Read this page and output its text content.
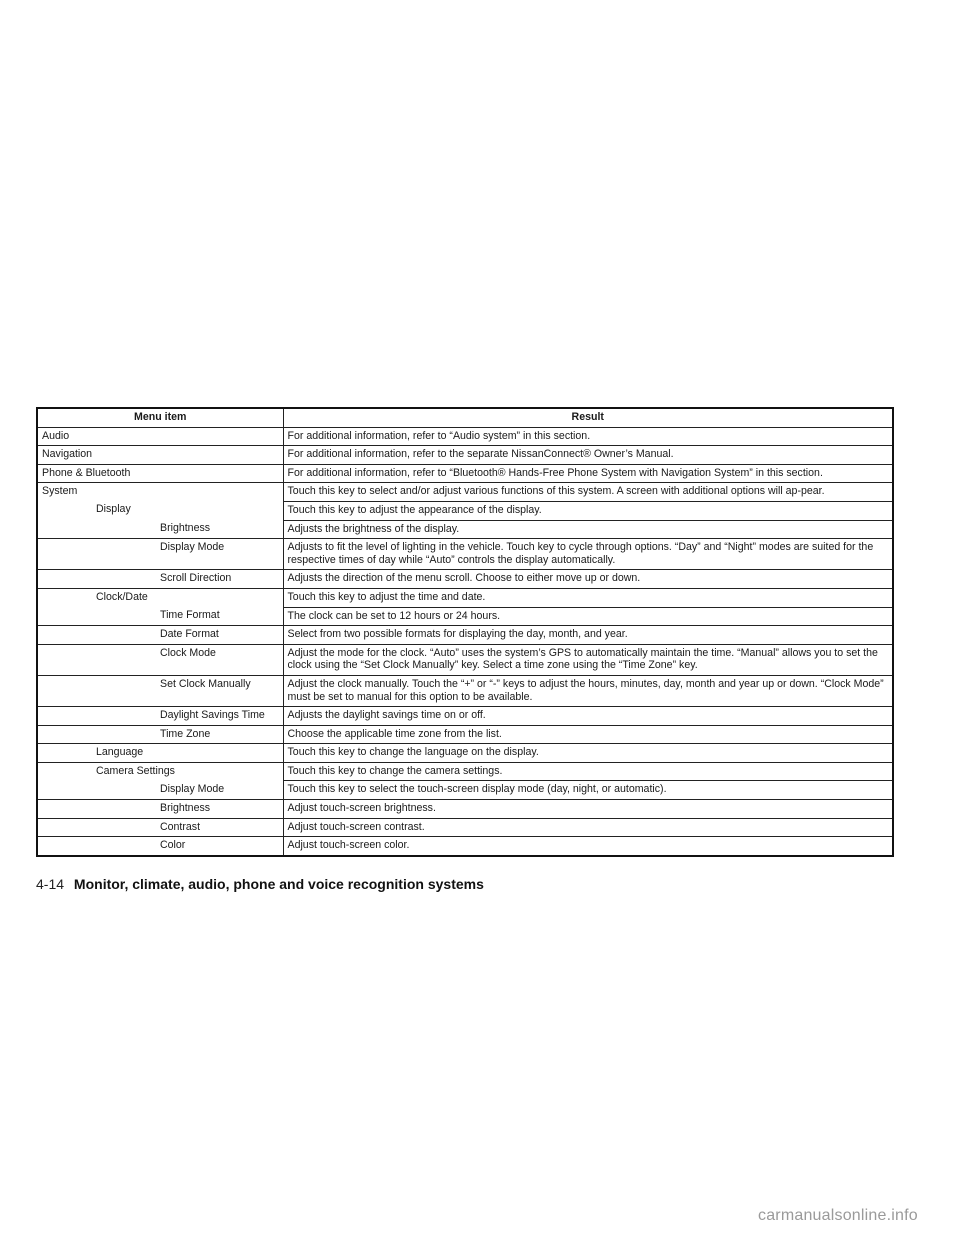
Menu item	Result

Audio	For additional information, refer to “Audio system” in this section.

Navigation	For additional information, refer to the separate NissanConnect® Owner’s Manual.

Phone & Bluetooth	For additional information, refer to “Bluetooth® Hands-Free Phone System with Navigation System” in this section.

System	Touch this key to select and/or adjust various functions of this system. A screen with additional options will ap-pear.

Display	Touch this key to adjust the appearance of the display.

Brightness	Adjusts the brightness of the display.

Display Mode	Adjusts to fit the level of lighting in the vehicle. Touch key to cycle through options. “Day” and “Night” modes are suited for the respective times of day while “Auto” controls the display automatically.

Scroll Direction	Adjusts the direction of the menu scroll. Choose to either move up or down.

Clock/Date	Touch this key to adjust the time and date.

Time Format	The clock can be set to 12 hours or 24 hours.

Date Format	Select from two possible formats for displaying the day, month, and year.

Clock Mode	Adjust the mode for the clock. “Auto” uses the system’s GPS to automatically maintain the time. “Manual” allows you to set the clock using the “Set Clock Manually” key. Select a time zone using the “Time Zone” key.

Set Clock Manually	Adjust the clock manually. Touch the “+” or “-” keys to adjust the hours, minutes, day, month and year up or down. “Clock Mode” must be set to manual for this option to be available.

Daylight Savings Time	Adjusts the daylight savings time on or off.

Time Zone	Choose the applicable time zone from the list.

Language	Touch this key to change the language on the display.

Camera Settings	Touch this key to change the camera settings.

Display Mode	Touch this key to select the touch-screen display mode (day, night, or automatic).

Brightness	Adjust touch-screen brightness.

Contrast	Adjust touch-screen contrast.

Color	Adjust touch-screen color.
4-14 Monitor, climate, audio, phone and voice recognition systems
carmanualsonline.info
